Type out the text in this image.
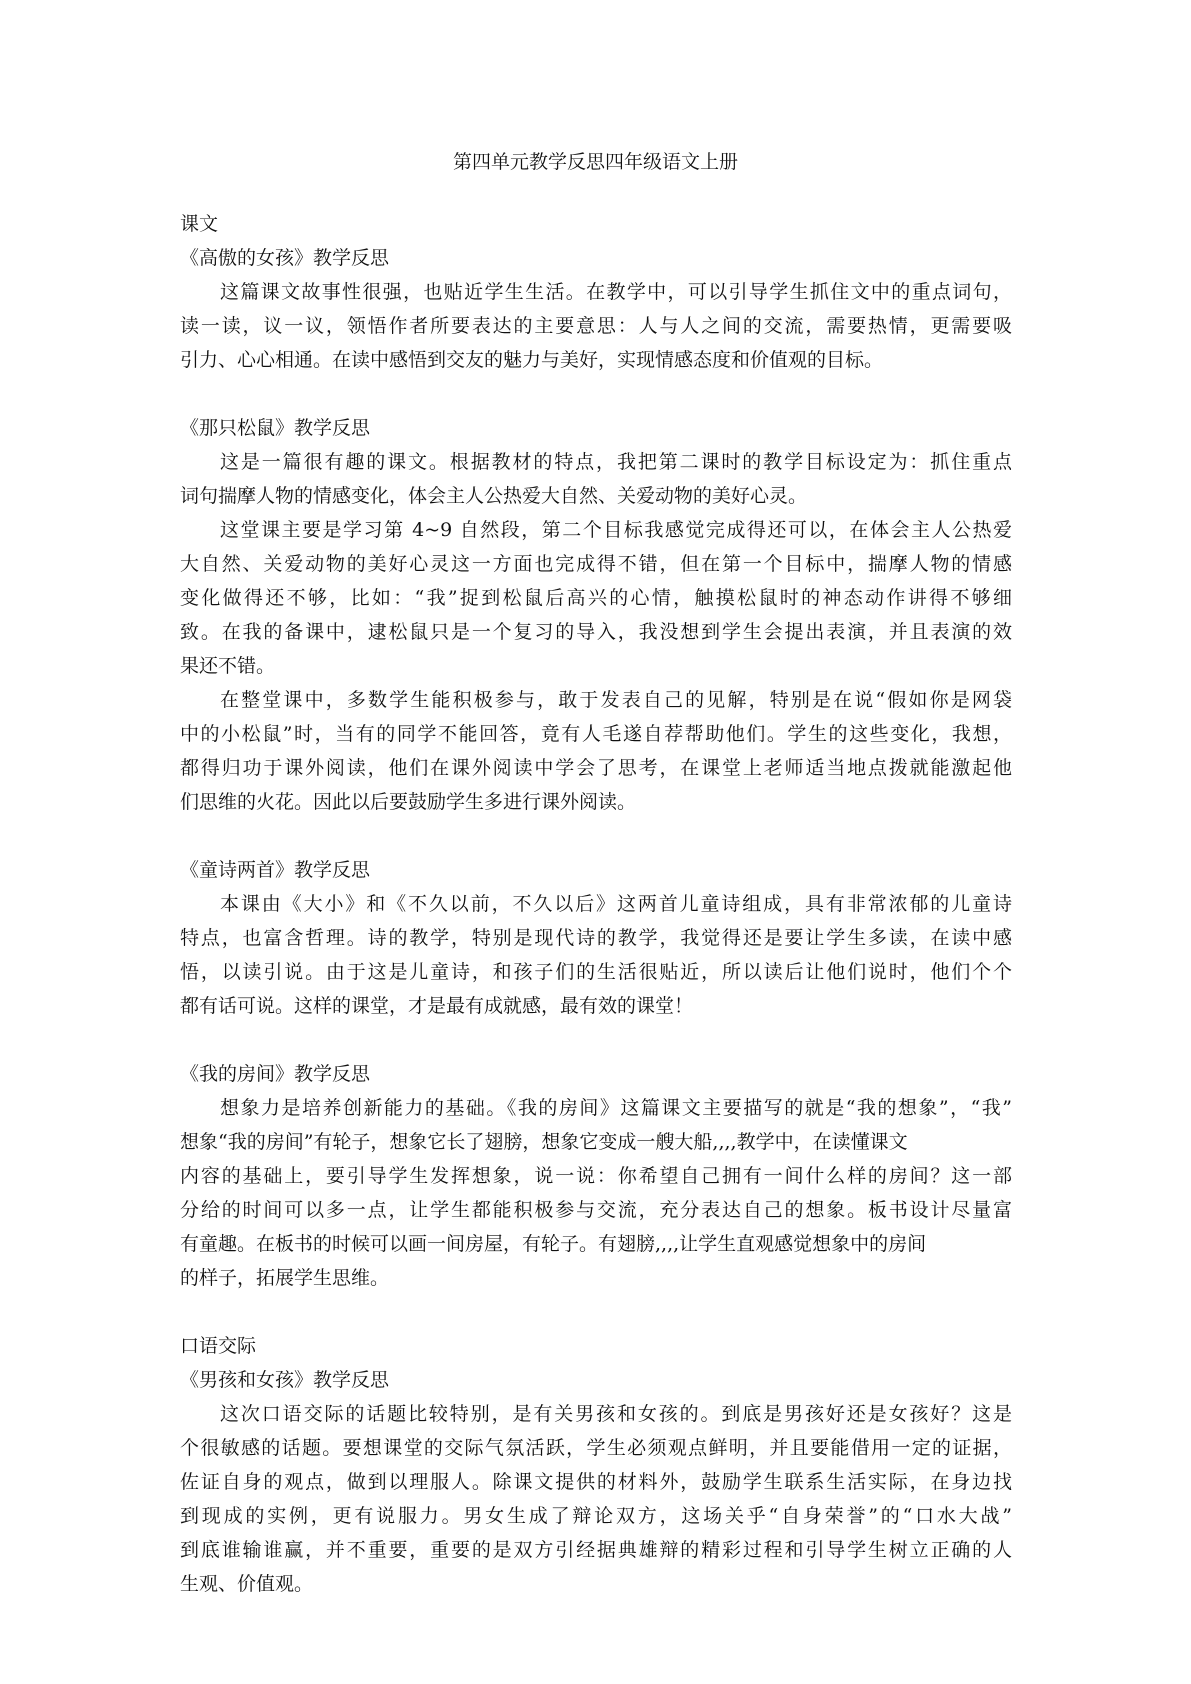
第四单元教学反思四年级语文上册

课文

《高傲的女孩》教学反思

这篇课文故事性很强，也贴近学生生活。在教学中，可以引导学生抓住文中的重点词句，

读一读，议一议，领悟作者所要表达的主要意思：人与人之间的交流，需要热情，更需要吸

引力、心心相通。在读中感悟到交友的魅力与美好，实现情感态度和价值观的目标。

《那只松鼠》教学反思

这是一篇很有趣的课文。根据教材的特点，我把第二课时的教学目标设定为：抓住重点

词句揣摩人物的情感变化，体会主人公热爱大自然、关爱动物的美好心灵。

这堂课主要是学习第 4~9 自然段，第二个目标我感觉完成得还可以，在体会主人公热爱

大自然、关爱动物的美好心灵这一方面也完成得不错，但在第一个目标中，揣摩人物的情感

变化做得还不够，比如：“我”捉到松鼠后高兴的心情，触摸松鼠时的神态动作讲得不够细

致。在我的备课中，逮松鼠只是一个复习的导入，我没想到学生会提出表演，并且表演的效

果还不错。

在整堂课中，多数学生能积极参与，敢于发表自己的见解，特别是在说“假如你是网袋

中的小松鼠”时，当有的同学不能回答，竟有人毛遂自荐帮助他们。学生的这些变化，我想，

都得归功于课外阅读，他们在课外阅读中学会了思考，在课堂上老师适当地点拨就能激起他

们思维的火花。因此以后要鼓励学生多进行课外阅读。

《童诗两首》教学反思

本课由《大小》和《不久以前，不久以后》这两首儿童诗组成，具有非常浓郁的儿童诗

特点，也富含哲理。诗的教学，特别是现代诗的教学，我觉得还是要让学生多读，在读中感

悟，以读引说。由于这是儿童诗，和孩子们的生活很贴近，所以读后让他们说时，他们个个

都有话可说。这样的课堂，才是最有成就感，最有效的课堂！

《我的房间》教学反思

想象力是培养创新能力的基础。《我的房间》这篇课文主要描写的就是“我的想象”，“我”

想象“我的房间”有轮子，想象它长了翅膀，想象它变成一艘大船,,,,教学中，在读懂课文

内容的基础上，要引导学生发挥想象，说一说：你希望自己拥有一间什么样的房间？这一部

分给的时间可以多一点，让学生都能积极参与交流，充分表达自己的想象。板书设计尽量富

有童趣。在板书的时候可以画一间房屋，有轮子。有翅膀,,,,让学生直观感觉想象中的房间

的样子，拓展学生思维。

口语交际

《男孩和女孩》教学反思

这次口语交际的话题比较特别，是有关男孩和女孩的。到底是男孩好还是女孩好？这是

个很敏感的话题。要想课堂的交际气氛活跃，学生必须观点鲜明，并且要能借用一定的证据，

佐证自身的观点，做到以理服人。除课文提供的材料外，鼓励学生联系生活实际，在身边找

到现成的实例，更有说服力。男女生成了辩论双方，这场关乎“自身荣誉”的“口水大战”

到底谁输谁赢，并不重要，重要的是双方引经据典雄辩的精彩过程和引导学生树立正确的人

生观、价值观。
